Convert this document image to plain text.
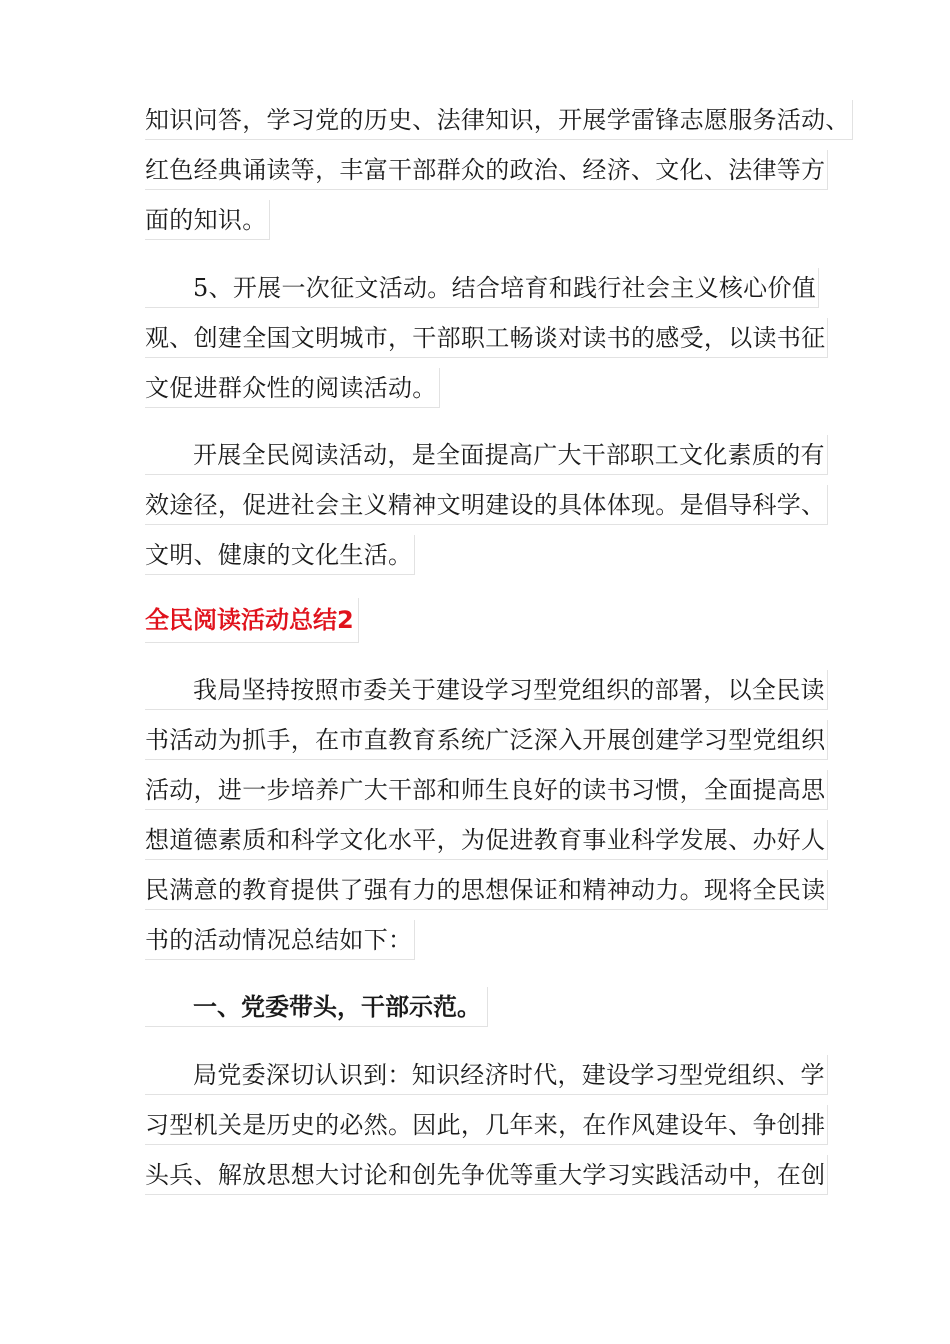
知识问答，学习党的历史、法律知识，开展学雷锋志愿服务活动、
红色经典诵读等，丰富干部群众的政治、经济、文化、法律等方
面的知识。
5、开展一次征文活动。结合培育和践行社会主义核心价值
观、创建全国文明城市，干部职工畅谈对读书的感受，以读书征
文促进群众性的阅读活动。
开展全民阅读活动，是全面提高广大干部职工文化素质的有
效途径，促进社会主义精神文明建设的具体体现。是倡导科学、
文明、健康的文化生活。
全民阅读活动总结2
我局坚持按照市委关于建设学习型党组织的部署，以全民读
书活动为抓手，在市直教育系统广泛深入开展创建学习型党组织
活动，进一步培养广大干部和师生良好的读书习惯，全面提高思
想道德素质和科学文化水平，为促进教育事业科学发展、办好人
民满意的教育提供了强有力的思想保证和精神动力。现将全民读
书的活动情况总结如下：
一、党委带头，干部示范。
局党委深切认识到：知识经济时代，建设学习型党组织、学
习型机关是历史的必然。因此，几年来，在作风建设年、争创排
头兵、解放思想大讨论和创先争优等重大学习实践活动中，在创
